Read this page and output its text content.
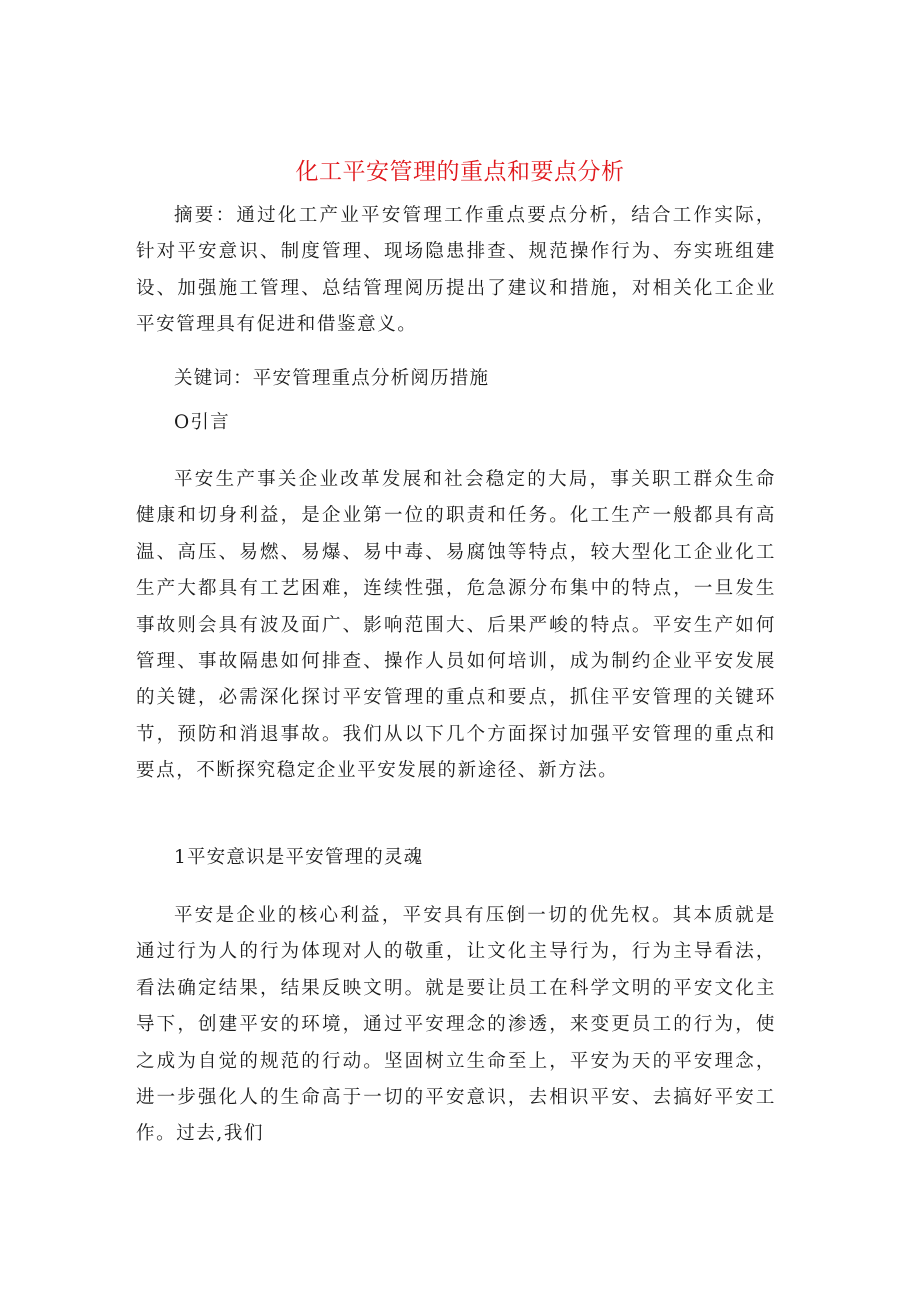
化工平安管理的重点和要点分析

摘要：通过化工产业平安管理工作重点要点分析，结合工作实际，针对平安意识、制度管理、现场隐患排查、规范操作行为、夯实班组建设、加强施工管理、总结管理阅历提出了建议和措施，对相关化工企业平安管理具有促进和借鉴意义。

关键词：平安管理重点分析阅历措施

O引言

平安生产事关企业改革发展和社会稳定的大局，事关职工群众生命健康和切身利益，是企业第一位的职责和任务。化工生产一般都具有高温、高压、易燃、易爆、易中毒、易腐蚀等特点，较大型化工企业化工生产大都具有工艺困难，连续性强，危急源分布集中的特点，一旦发生事故则会具有波及面广、影响范围大、后果严峻的特点。平安生产如何管理、事故隔患如何排查、操作人员如何培训，成为制约企业平安发展的关键，必需深化探讨平安管理的重点和要点，抓住平安管理的关键环节，预防和消退事故。我们从以下几个方面探讨加强平安管理的重点和要点，不断探究稳定企业平安发展的新途径、新方法。

1平安意识是平安管理的灵魂

平安是企业的核心利益，平安具有压倒一切的优先权。其本质就是通过行为人的行为体现对人的敬重，让文化主导行为，行为主导看法，看法确定结果，结果反映文明。就是要让员工在科学文明的平安文化主导下，创建平安的环境，通过平安理念的渗透，来变更员工的行为，使之成为自觉的规范的行动。坚固树立生命至上，平安为天的平安理念，进一步强化人的生命高于一切的平安意识，去相识平安、去搞好平安工作。过去,我们
